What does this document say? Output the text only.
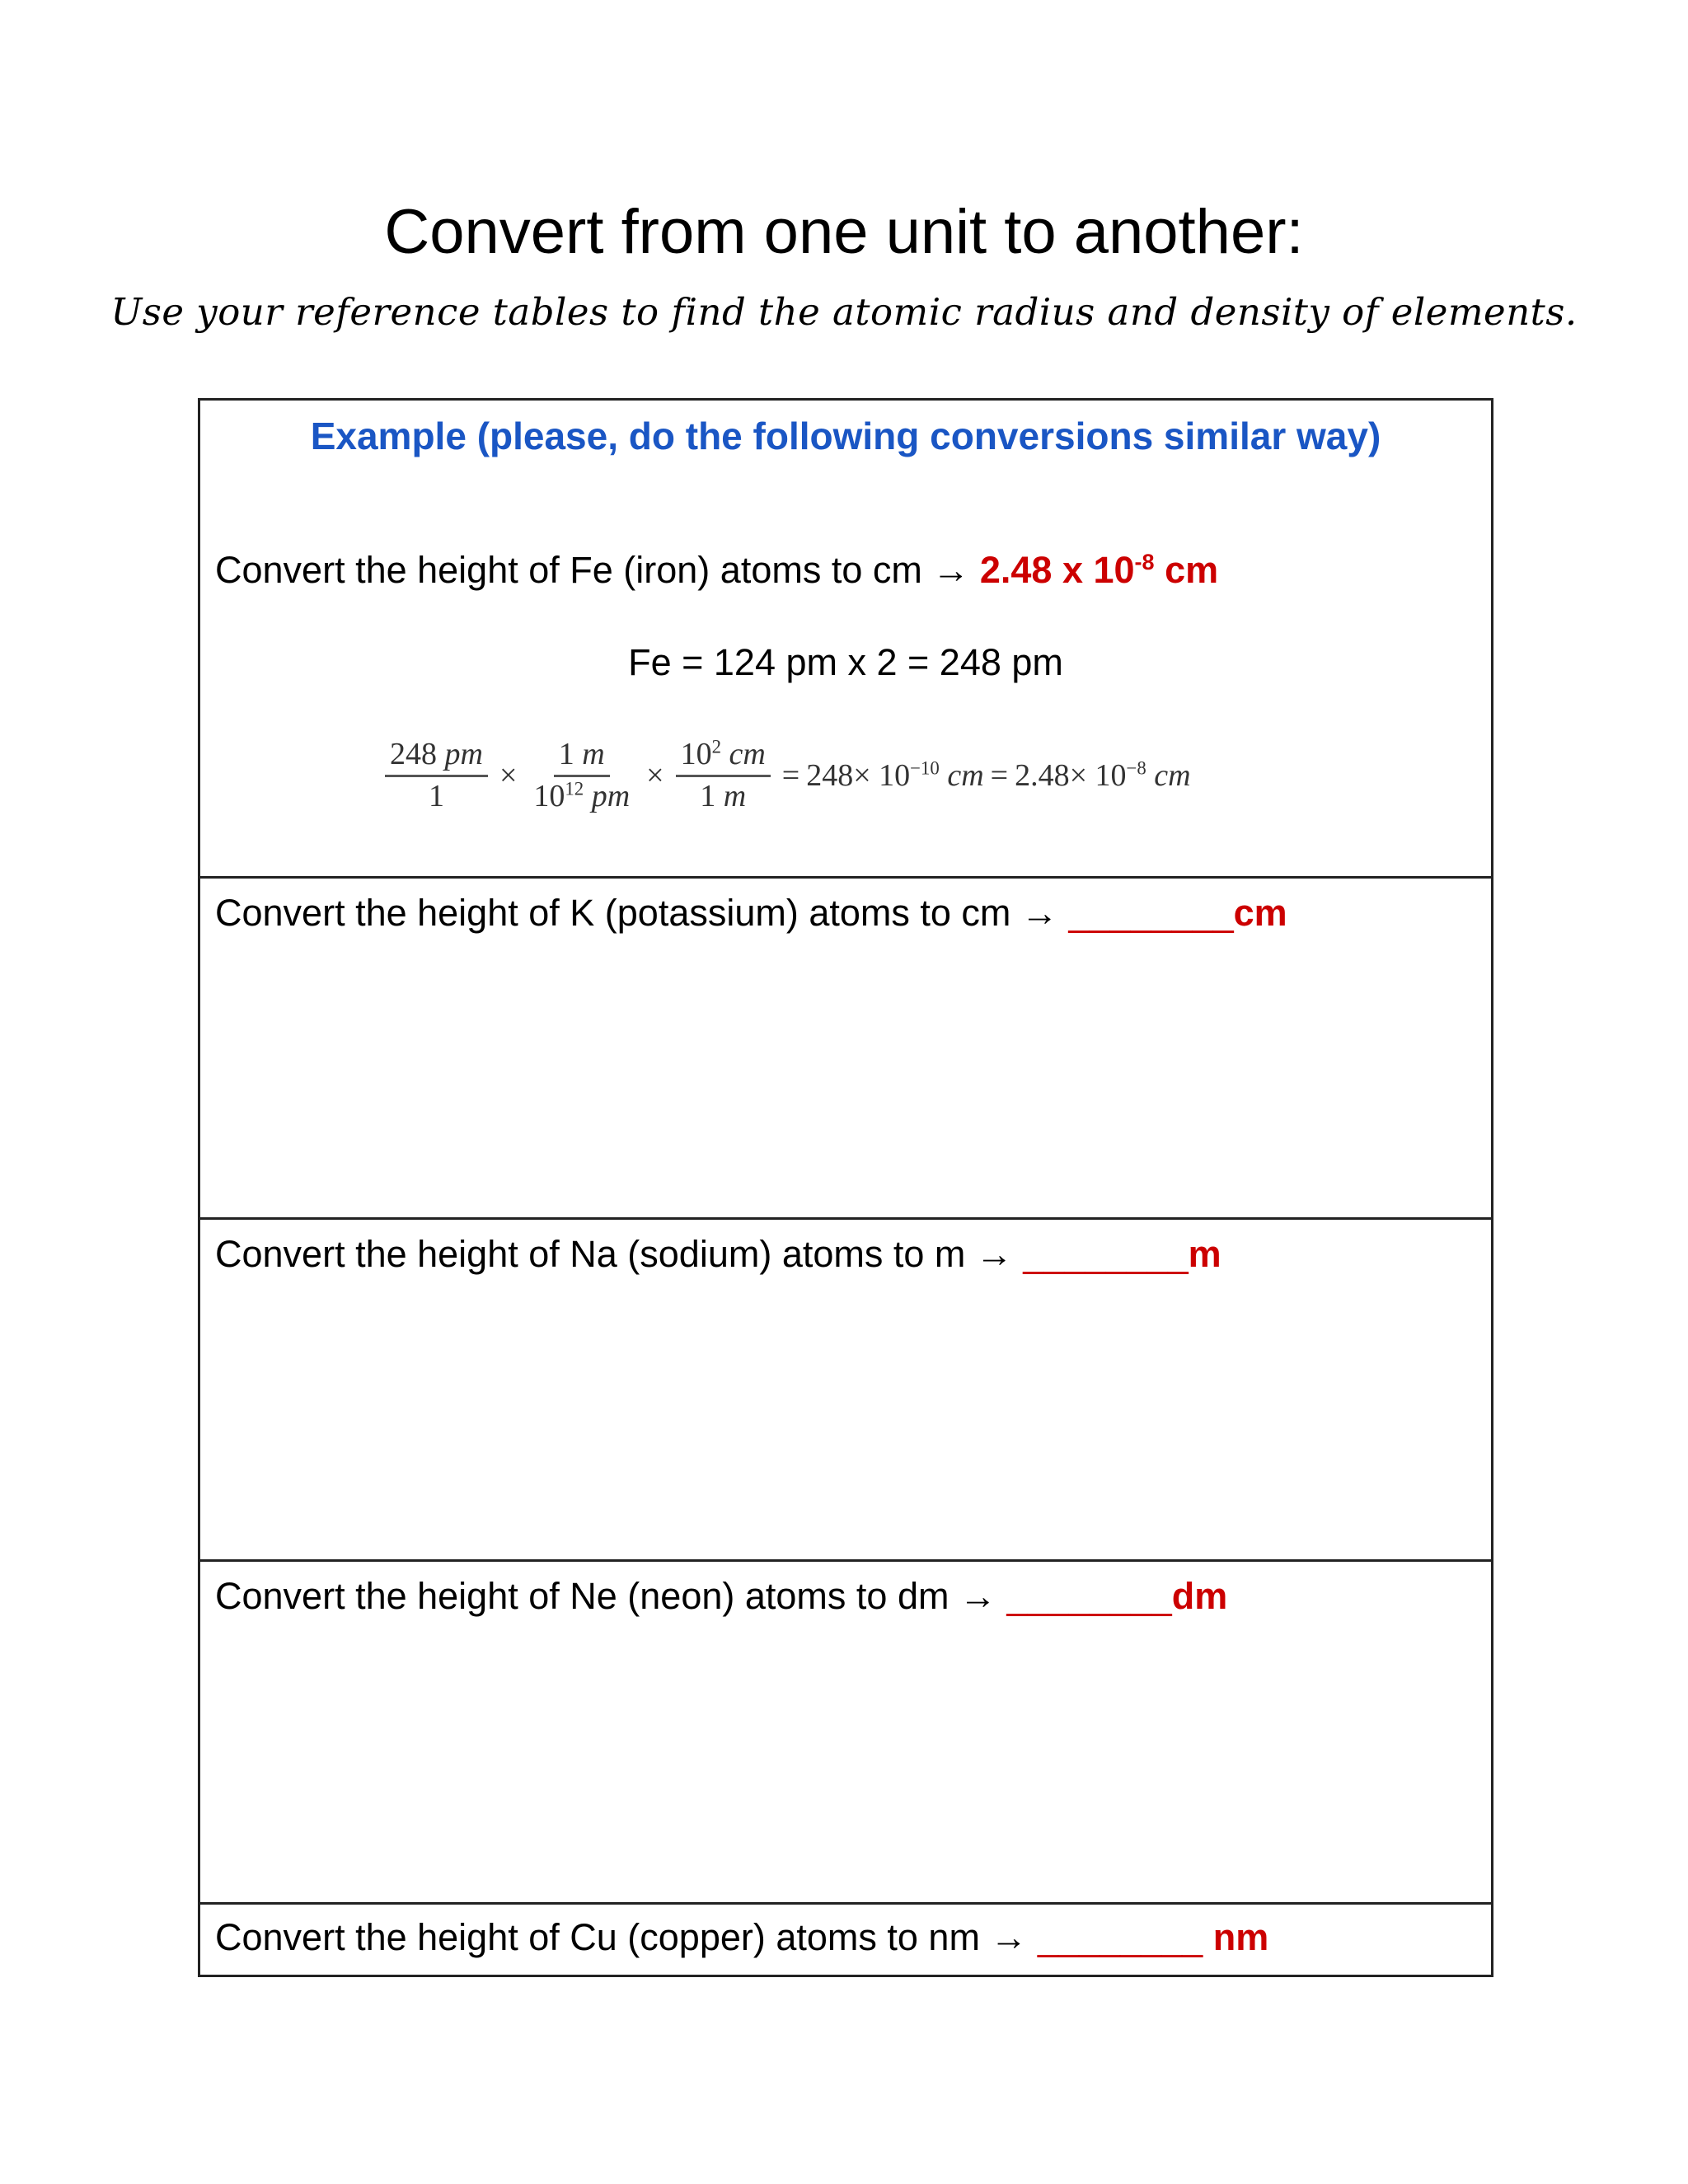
Convert from one unit to another:
Use your reference tables to find the atomic radius and density of elements.
Example (please, do the following conversions similar way)
Convert the height of Fe (iron) atoms to cm → 2.48 x $10^{-8}$ cm
Fe = 124 pm x 2 = 248 pm
$\frac{248 pm}{1} \times \frac{1 m}{10^{12} pm} \times \frac{10^2 cm}{1 m} = 248\times 10^{-10}$ cm = $2.48\times 10^{-8}$ cm
Convert the height of K (potassium) atoms to cm → ________cm
Convert the height of Na (sodium) atoms to m → ________m
Convert the height of Ne (neon) atoms to dm → ________dm
Convert the height of Cu (copper) atoms to nm → ________ nm
